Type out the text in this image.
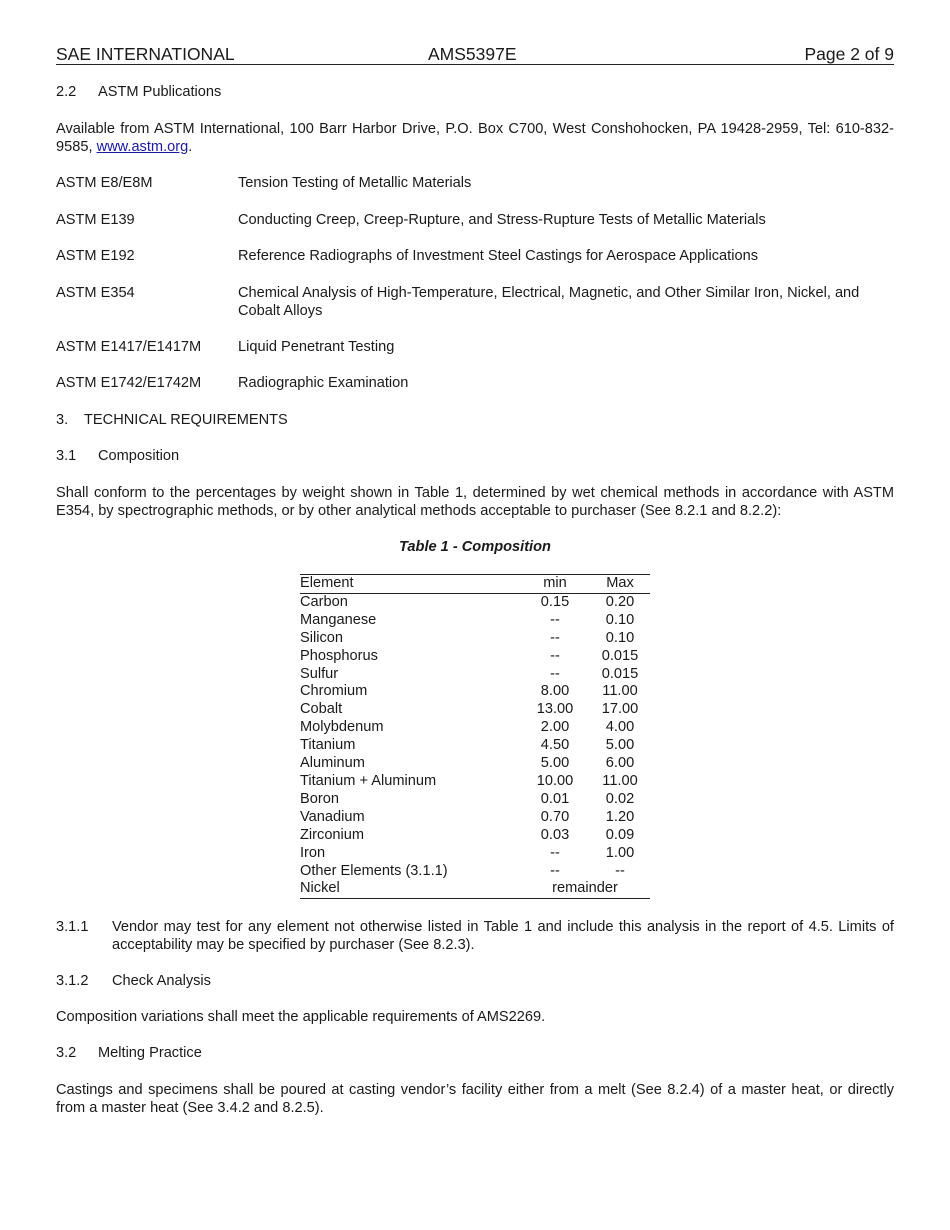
SAE INTERNATIONAL	AMS5397E	Page 2 of 9
2.2 ASTM Publications
Available from ASTM International, 100 Barr Harbor Drive, P.O. Box C700, West Conshohocken, PA 19428-2959, Tel: 610-832-9585, www.astm.org.
ASTM E8/E8M	Tension Testing of Metallic Materials
ASTM E139	Conducting Creep, Creep-Rupture, and Stress-Rupture Tests of Metallic Materials
ASTM E192	Reference Radiographs of Investment Steel Castings for Aerospace Applications
ASTM E354	Chemical Analysis of High-Temperature, Electrical, Magnetic, and Other Similar Iron, Nickel, and Cobalt Alloys
ASTM E1417/E1417M	Liquid Penetrant Testing
ASTM E1742/E1742M	Radiographic Examination
3. TECHNICAL REQUIREMENTS
3.1 Composition
Shall conform to the percentages by weight shown in Table 1, determined by wet chemical methods in accordance with ASTM E354, by spectrographic methods, or by other analytical methods acceptable to purchaser (See 8.2.1 and 8.2.2):
Table 1 - Composition
Element	min	Max
Carbon	0.15	0.20
Manganese	--	0.10
Silicon	--	0.10
Phosphorus	--	0.015
Sulfur	--	0.015
Chromium	8.00	11.00
Cobalt	13.00	17.00
Molybdenum	2.00	4.00
Titanium	4.50	5.00
Aluminum	5.00	6.00
Titanium + Aluminum	10.00	11.00
Boron	0.01	0.02
Vanadium	0.70	1.20
Zirconium	0.03	0.09
Iron	--	1.00
Other Elements (3.1.1)	--	--
Nickel	remainder	
3.1.1 Vendor may test for any element not otherwise listed in Table 1 and include this analysis in the report of 4.5. Limits of acceptability may be specified by purchaser (See 8.2.3).
3.1.2 Check Analysis
Composition variations shall meet the applicable requirements of AMS2269.
3.2 Melting Practice
Castings and specimens shall be poured at casting vendor’s facility either from a melt (See 8.2.4) of a master heat, or directly from a master heat (See 3.4.2 and 8.2.5).
